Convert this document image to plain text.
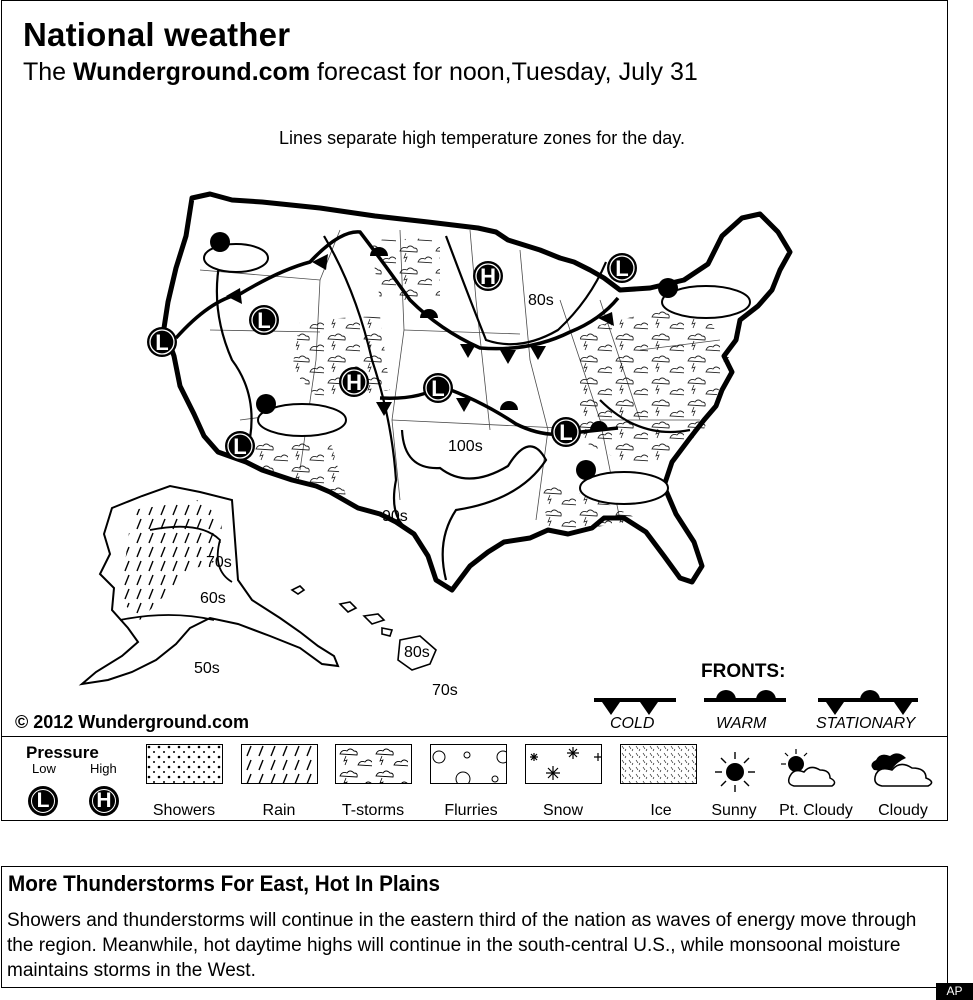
National weather
The Wunderground.com forecast for noon,Tuesday, July 31
Lines separate high temperature zones for the day.
L
L
L
L
L
L
H
H
80s
100s
90s
70s
60s
50s
80s
70s
© 2012 Wunderground.com
FRONTS:
COLD	WARM	STATIONARY
Pressure
Low	High
L	H	Showers	Rain	T-storms	Flurries	Snow	Ice	Sunny	Pt. Cloudy	Cloudy
More Thunderstorms For East, Hot In Plains
Showers and thunderstorms will continue in the eastern third of the nation as waves of energy move through the region. Meanwhile, hot daytime highs will continue in the south-central U.S., while monsoonal moisture maintains storms in the West.
AP
